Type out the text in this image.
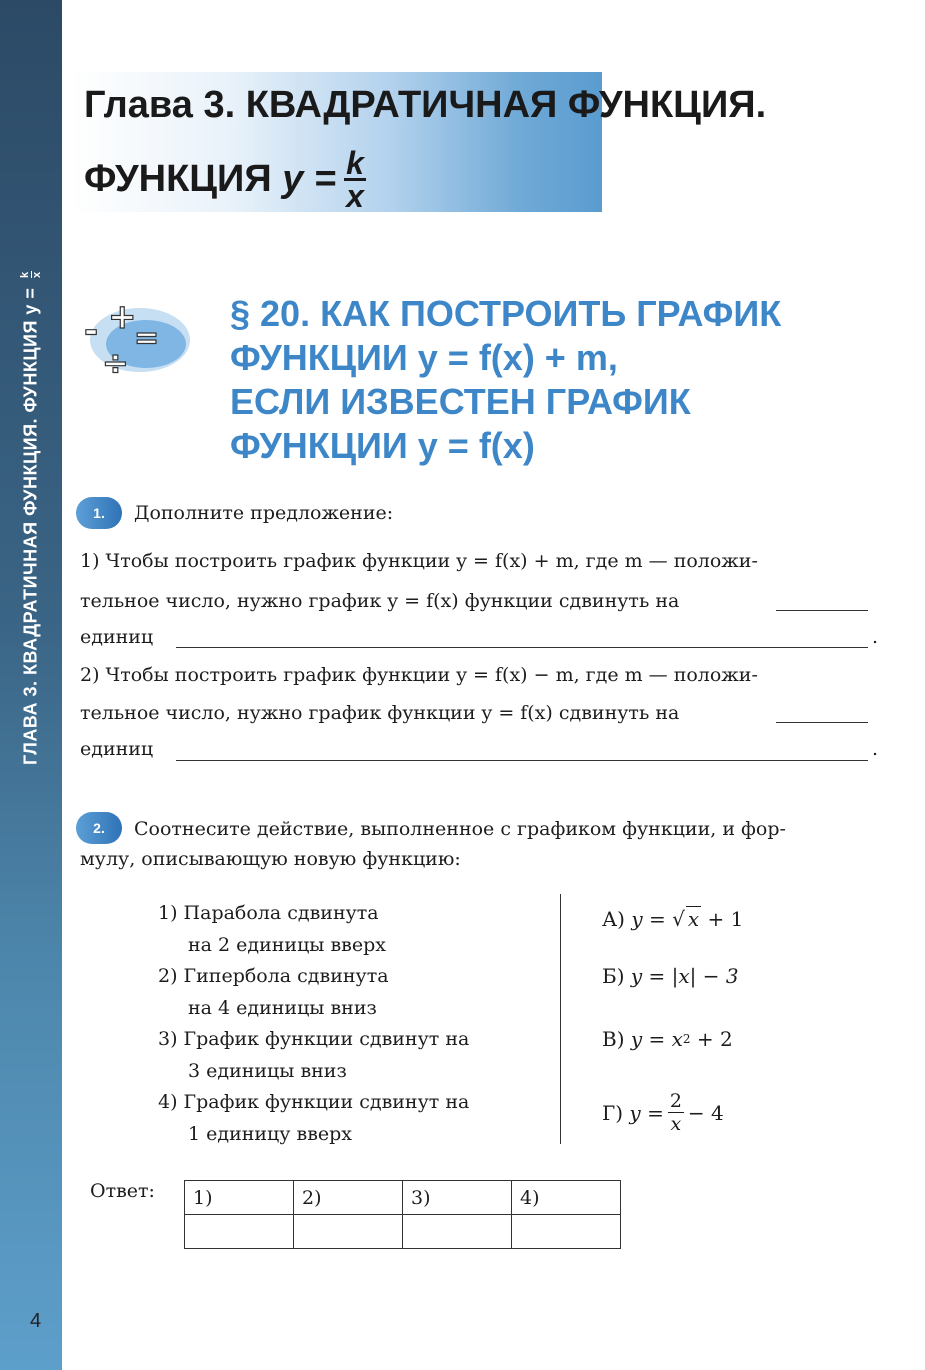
ГЛАВА 3. КВАДРАТИЧНАЯ ФУНКЦИЯ. ФУНКЦИЯ y =
k x
4
Глава 3. КВАДРАТИЧНАЯ ФУНКЦИЯ.
ФУНКЦИЯ
$y = \frac{k}{x}$
- +
=
÷
§ 20. КАК ПОСТРОИТЬ ГРАФИК
ФУНКЦИИ y = f(x) + m,
ЕСЛИ ИЗВЕСТЕН ГРАФИК
ФУНКЦИИ y = f(x)
1.	Дополните предложение:
1) Чтобы построить график функции y = f(x) + m, где m — положи-
тельное число, нужно график y = f(x) функции сдвинуть на
единиц	.
2) Чтобы построить график функции y = f(x) − m, где m — положи-
тельное число, нужно график функции y = f(x) сдвинуть на
единиц	.
2.	Соотнесите действие, выполненное с графиком функции, и фор-
мулу, описывающую новую функцию:
1) Парабола сдвинута
на 2 единицы вверх
2) Гипербола сдвинута
на 4 единицы вниз
3) График функции сдвинут на
3 единицы вниз
4) График функции сдвинут на
1 единицу вверх
А)
y = √ x
+ 1
Б)
y = |x| − 3
В)
y = x 2
+ 2
Г)
$y = \frac{2}{x} - 4$
Ответ: 1)	2)	3)	4)
